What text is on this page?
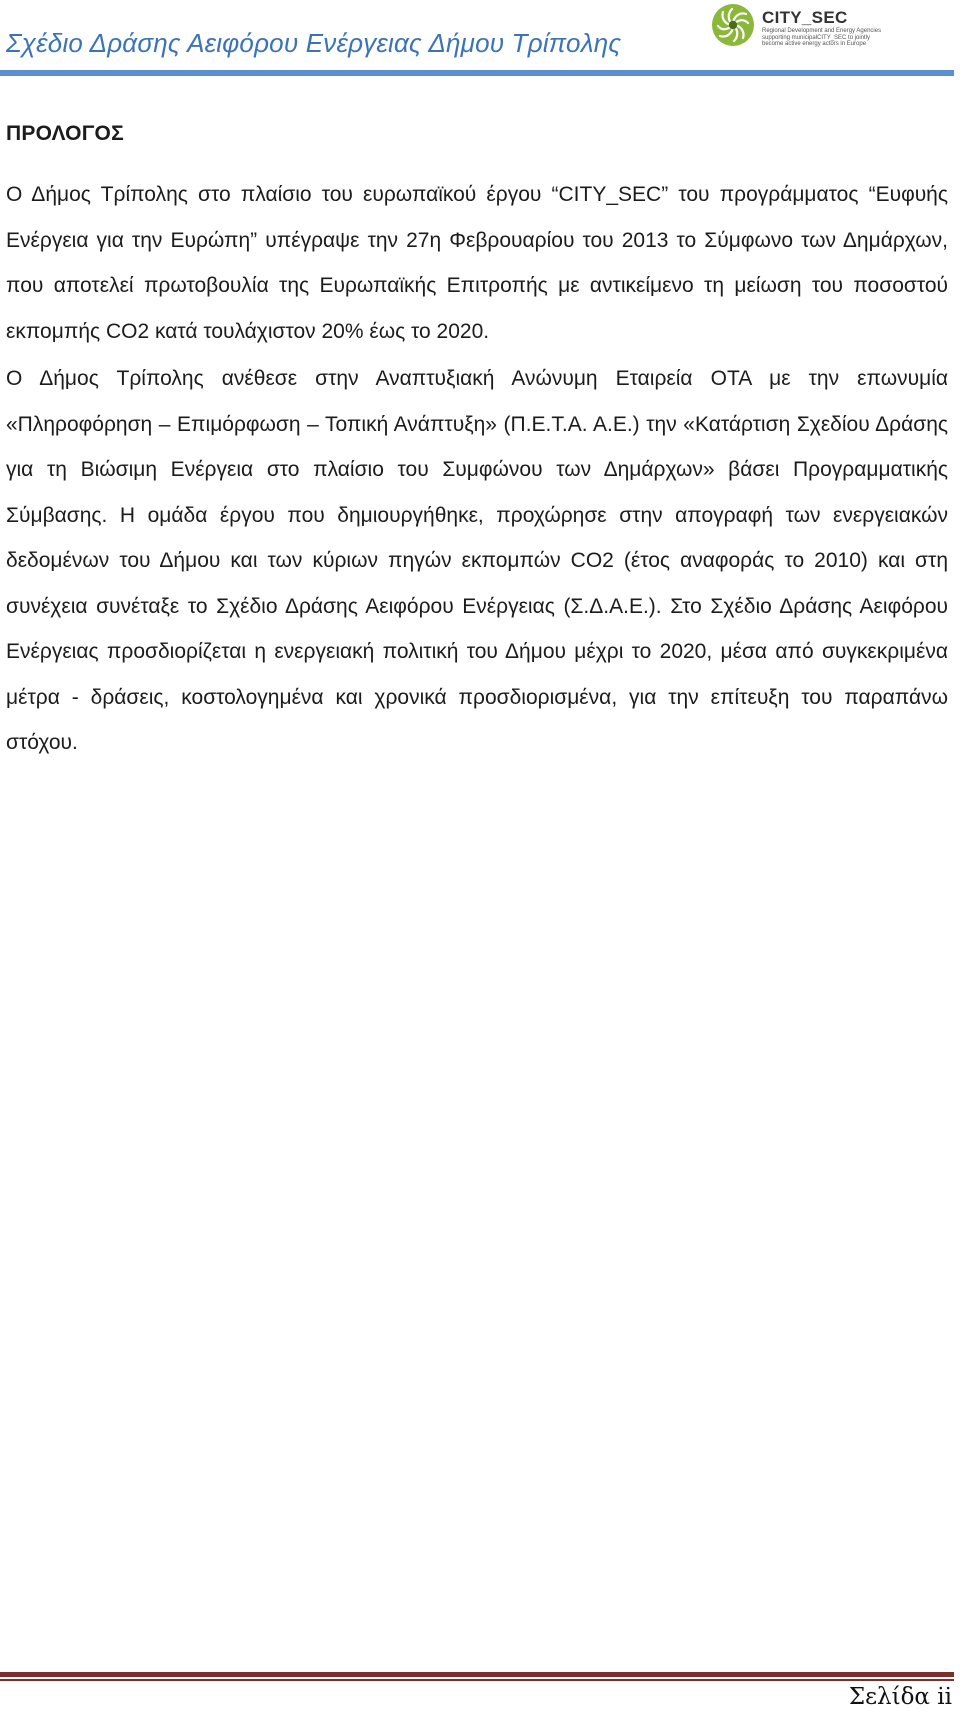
Σχέδιο Δράσης Αειφόρου Ενέργειας Δήμου Τρίπολης
CITY_SEC
Regional Development and Energy Agencies
supporting municipalCITY_SEC to jointly
become active energy actors in Europe
ΠΡΟΛΟΓΟΣ

Ο Δήμος Τρίπολης στο πλαίσιο του ευρωπαϊκού έργου “CITY_SEC” του προγράμματος “Ευφυής Ενέργεια για την Ευρώπη” υπέγραψε την 27η Φεβρουαρίου του 2013 το Σύμφωνο των Δημάρχων, που αποτελεί πρωτοβουλία της Ευρωπαϊκής Επιτροπής με αντικείμενο τη μείωση του ποσοστού εκπομπής CO2 κατά τουλάχιστον 20% έως το 2020.

Ο Δήμος Τρίπολης ανέθεσε στην Αναπτυξιακή Ανώνυμη Εταιρεία ΟΤΑ με την επωνυμία «Πληροφόρηση – Επιμόρφωση – Τοπική Ανάπτυξη» (Π.Ε.Τ.Α. Α.Ε.) την «Κατάρτιση Σχεδίου Δράσης για τη Βιώσιμη Ενέργεια στο πλαίσιο του Συμφώνου των Δημάρχων» βάσει Προγραμματικής Σύμβασης. Η ομάδα έργου που δημιουργήθηκε, προχώρησε στην απογραφή των ενεργειακών δεδομένων του Δήμου και των κύριων πηγών εκπομπών CO2 (έτος αναφοράς το 2010) και στη συνέχεια συνέταξε το Σχέδιο Δράσης Αειφόρου Ενέργειας (Σ.Δ.Α.Ε.). Στο Σχέδιο Δράσης Αειφόρου Ενέργειας προσδιορίζεται η ενεργειακή πολιτική του Δήμου μέχρι το 2020, μέσα από συγκεκριμένα μέτρα - δράσεις, κοστολογημένα και χρονικά προσδιορισμένα, για την επίτευξη του παραπάνω στόχου.

Σελίδα ii
